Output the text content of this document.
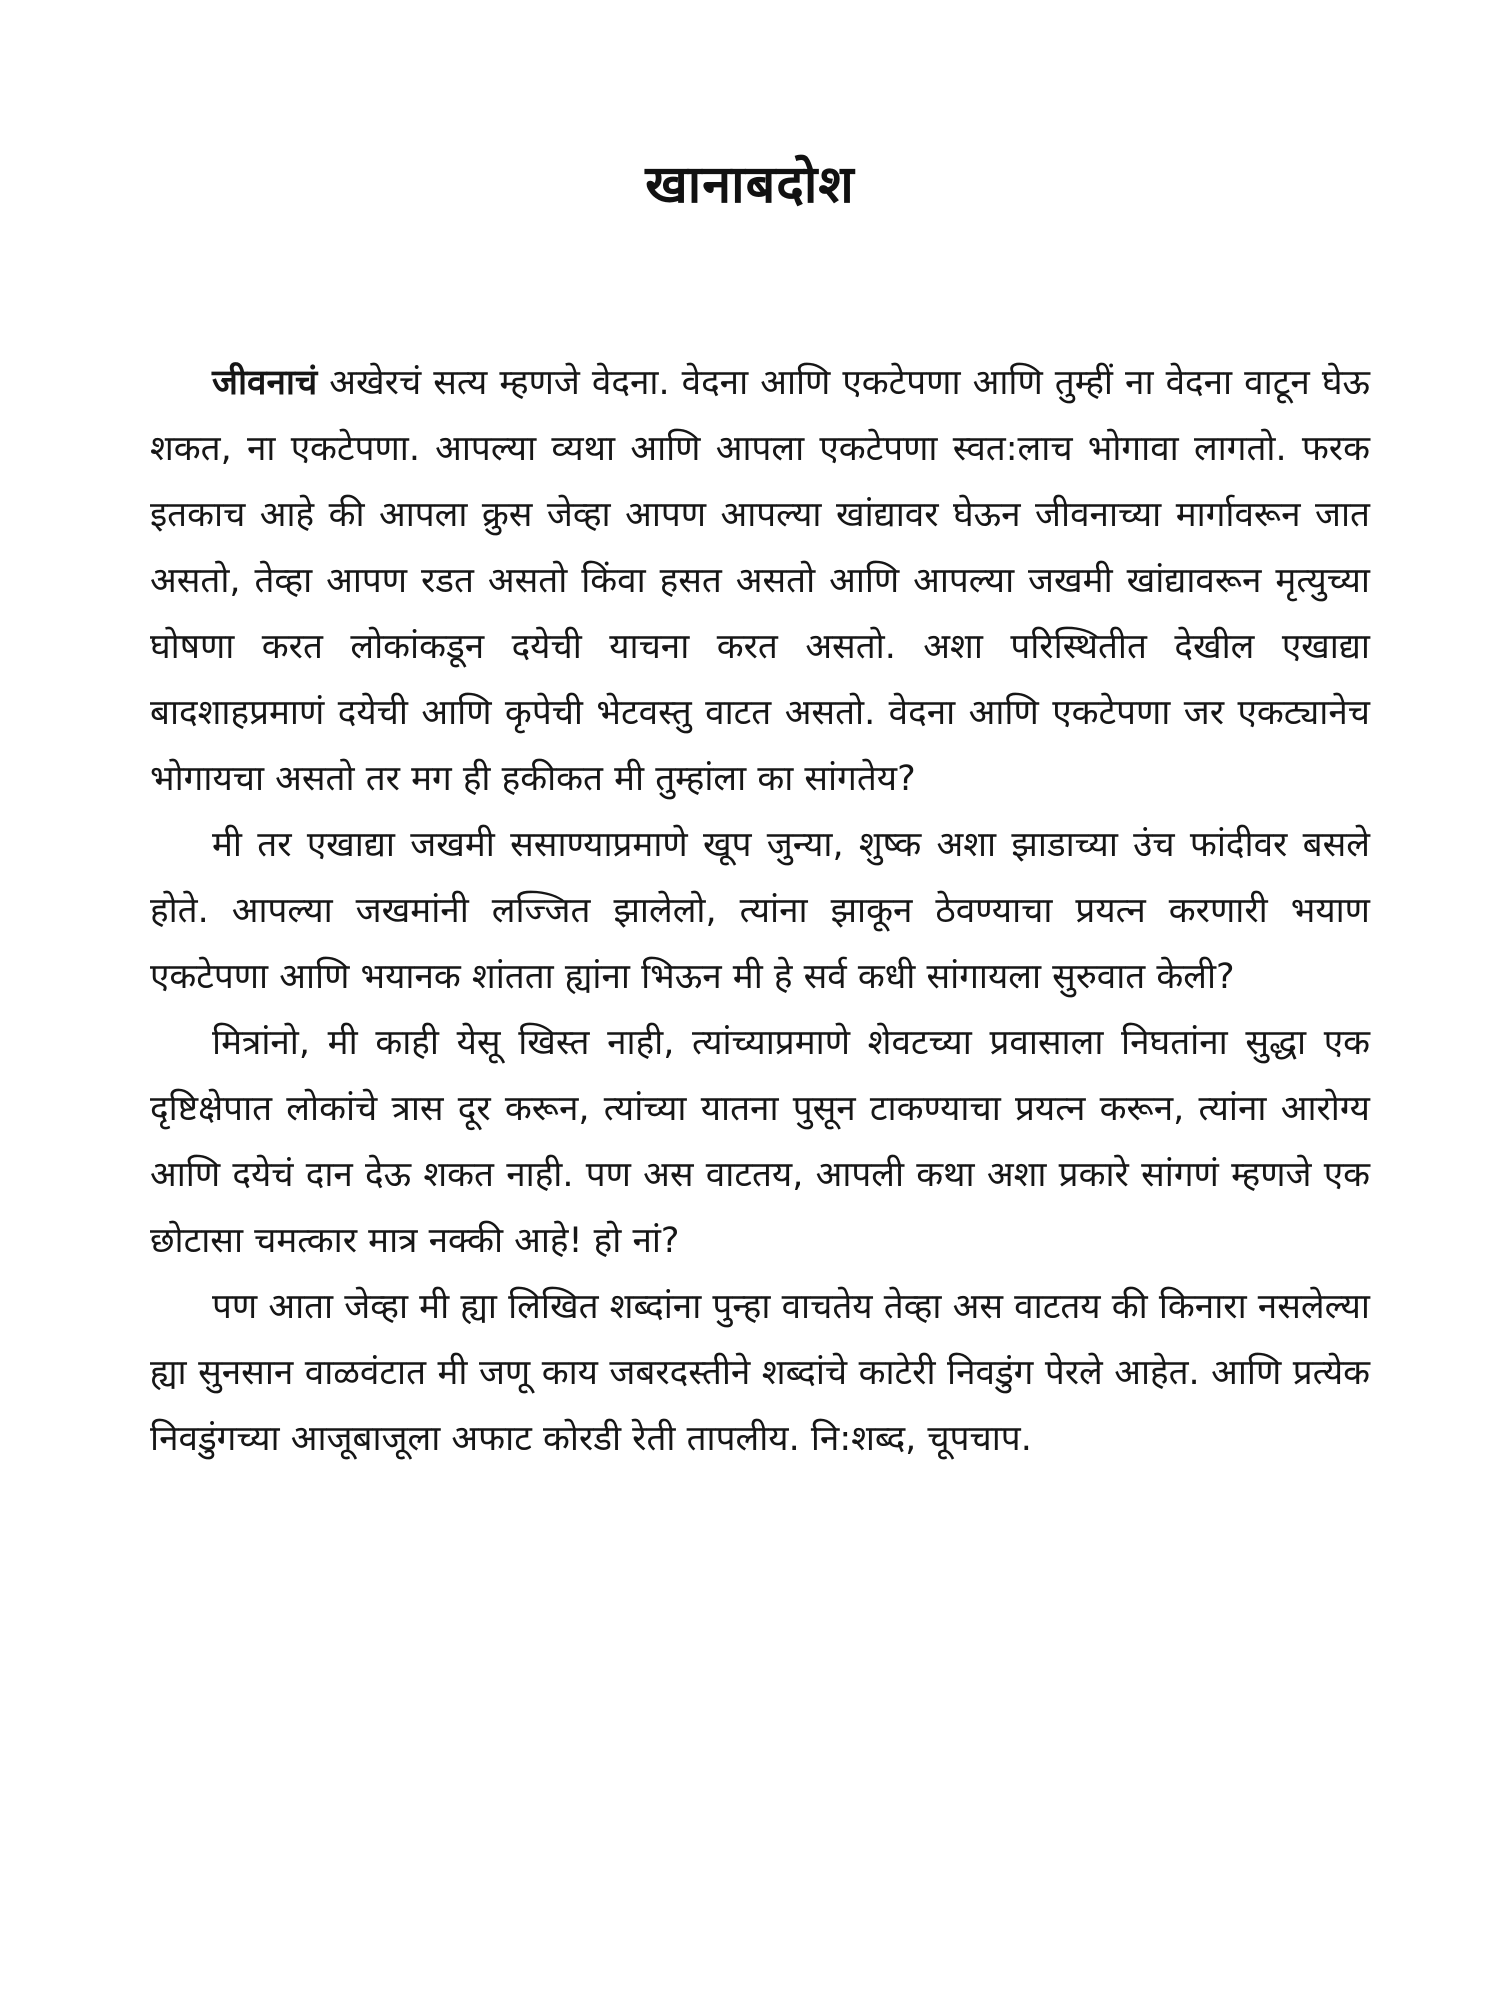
खानाबदोश

जीवनाचं अखेरचं सत्य म्हणजे वेदना. वेदना आणि एकटेपणा आणि तुम्हीं ना वेदना वाटून घेऊ शकत, ना एकटेपणा. आपल्या व्यथा आणि आपला एकटेपणा स्वत:लाच भोगावा लागतो. फरक इतकाच आहे की आपला क्रुस जेव्हा आपण आपल्या खांद्यावर घेऊन जीवनाच्या मार्गावरून जात असतो, तेव्हा आपण रडत असतो किंवा हसत असतो आणि आपल्या जखमी खांद्यावरून मृत्युच्या घोषणा करत लोकांकडून दयेची याचना करत असतो. अशा परिस्थितीत देखील एखाद्या बादशाहप्रमाणं दयेची आणि कृपेची भेटवस्तु वाटत असतो. वेदना आणि एकटेपणा जर एकट्यानेच भोगायचा असतो तर मग ही हकीकत मी तुम्हांला का सांगतेय?

मी तर एखाद्या जखमी ससाण्याप्रमाणे खूप जुन्या, शुष्क अशा झाडाच्या उंच फांदीवर बसले होते. आपल्या जखमांनी लज्जित झालेलो, त्यांना झाकून ठेवण्याचा प्रयत्न करणारी भयाण एकटेपणा आणि भयानक शांतता ह्यांना भिऊन मी हे सर्व कधी सांगायला सुरुवात केली?

मित्रांनो, मी काही येसू खिस्त नाही, त्यांच्याप्रमाणे शेवटच्या प्रवासाला निघतांना सुद्धा एक दृष्टिक्षेपात लोकांचे त्रास दूर करून, त्यांच्या यातना पुसून टाकण्याचा प्रयत्न करून, त्यांना आरोग्य आणि दयेचं दान देऊ शकत नाही. पण अस वाटतय, आपली कथा अशा प्रकारे सांगणं म्हणजे एक छोटासा चमत्कार मात्र नक्की आहे! हो नां?

पण आता जेव्हा मी ह्या लिखित शब्दांना पुन्हा वाचतेय तेव्हा अस वाटतय की किनारा नसलेल्या ह्या सुनसान वाळवंटात मी जणू काय जबरदस्तीने शब्दांचे काटेरी निवडुंग पेरले आहेत. आणि प्रत्येक निवडुंगच्या आजूबाजूला अफाट कोरडी रेती तापलीय. नि:शब्द, चूपचाप.
